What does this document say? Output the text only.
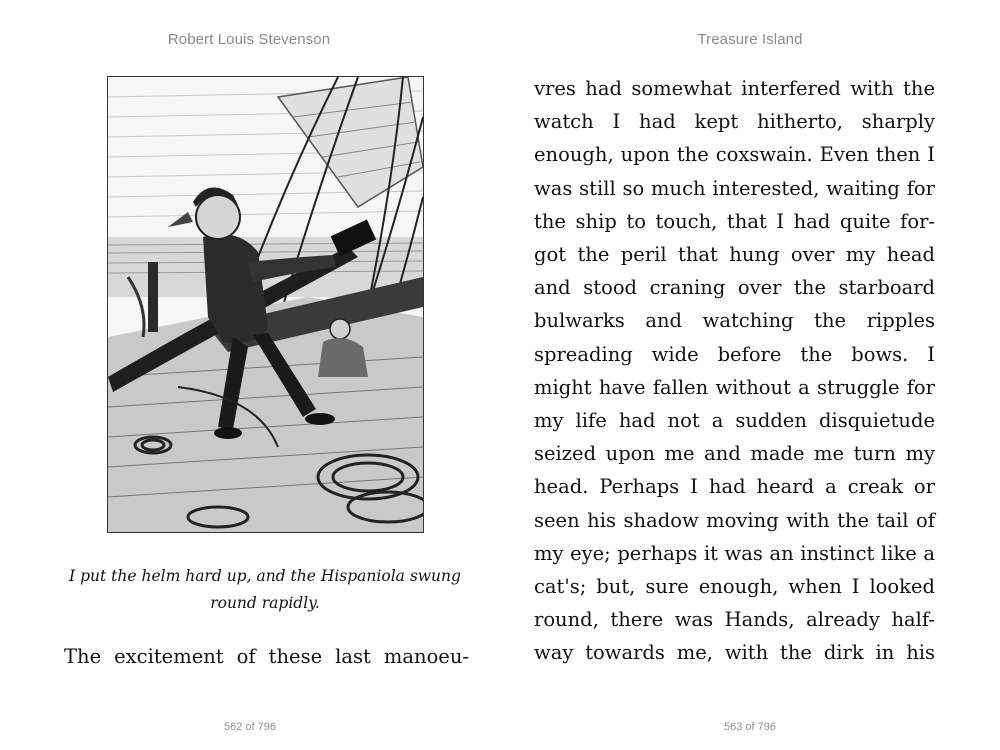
Robert Louis Stevenson
I put the helm hard up, and the Hispaniola swung
round rapidly.
The excitement of these last manoeu-
562 of 796
Treasure Island
vres had somewhat interfered with the
watch I had kept hitherto, sharply
enough, upon the coxswain. Even then I
was still so much interested, waiting for
the ship to touch, that I had quite for-
got the peril that hung over my head
and stood craning over the starboard
bulwarks and watching the ripples
spreading wide before the bows. I
might have fallen without a struggle for
my life had not a sudden disquietude
seized upon me and made me turn my
head. Perhaps I had heard a creak or
seen his shadow moving with the tail of
my eye; perhaps it was an instinct like a
cat's; but, sure enough, when I looked
round, there was Hands, already half-
way towards me, with the dirk in his
563 of 796
